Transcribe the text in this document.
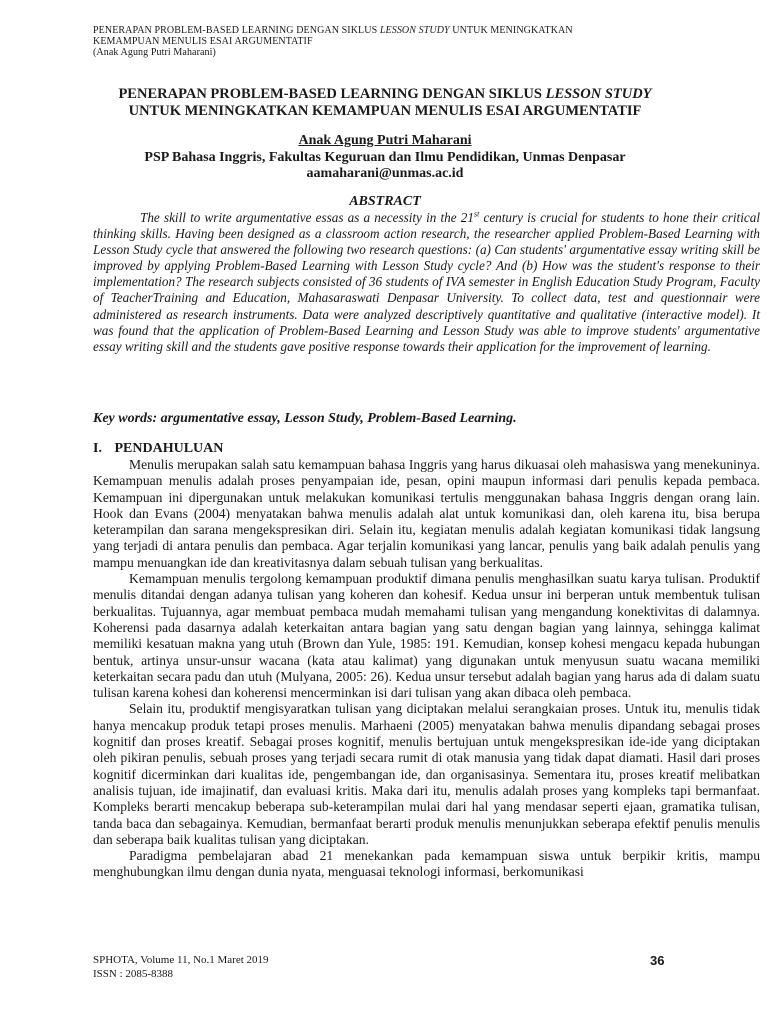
PENERAPAN PROBLEM-BASED LEARNING DENGAN SIKLUS LESSON STUDY UNTUK MENINGKATKAN
KEMAMPUAN MENULIS ESAI ARGUMENTATIF
(Anak Agung Putri Maharani)
PENERAPAN PROBLEM-BASED LEARNING DENGAN SIKLUS LESSON STUDY
UNTUK MENINGKATKAN KEMAMPUAN MENULIS ESAI ARGUMENTATIF
Anak Agung Putri Maharani
PSP Bahasa Inggris, Fakultas Keguruan dan Ilmu Pendidikan, Unmas Denpasar
aamaharani@unmas.ac.id
ABSTRACT
The skill to write argumentative essas as a necessity in the 21st century is crucial for students to hone their critical thinking skills. Having been designed as a classroom action research, the researcher applied Problem-Based Learning with Lesson Study cycle that answered the following two research questions: (a) Can students' argumentative essay writing skill be improved by applying Problem-Based Learning with Lesson Study cycle? And (b) How was the student's response to their implementation? The research subjects consisted of 36 students of IVA semester in English Education Study Program, Faculty of TeacherTraining and Education, Mahasaraswati Denpasar University. To collect data, test and questionnair were administered as research instruments. Data were analyzed descriptively quantitative and qualitative (interactive model). It was found that the application of Problem-Based Learning and Lesson Study was able to improve students' argumentative essay writing skill and the students gave positive response towards their application for the improvement of learning.
Key words: argumentative essay, Lesson Study, Problem-Based Learning.
I. PENDAHULUAN

Menulis merupakan salah satu kemampuan bahasa Inggris yang harus dikuasai oleh mahasiswa yang menekuninya. Kemampuan menulis adalah proses penyampaian ide, pesan, opini maupun informasi dari penulis kepada pembaca. Kemampuan ini dipergunakan untuk melakukan komunikasi tertulis menggunakan bahasa Inggris dengan orang lain. Hook dan Evans (2004) menyatakan bahwa menulis adalah alat untuk komunikasi dan, oleh karena itu, bisa berupa keterampilan dan sarana mengekspresikan diri. Selain itu, kegiatan menulis adalah kegiatan komunikasi tidak langsung yang terjadi di antara penulis dan pembaca. Agar terjalin komunikasi yang lancar, penulis yang baik adalah penulis yang mampu menuangkan ide dan kreativitasnya dalam sebuah tulisan yang berkualitas.

Kemampuan menulis tergolong kemampuan produktif dimana penulis menghasilkan suatu karya tulisan. Produktif menulis ditandai dengan adanya tulisan yang koheren dan kohesif. Kedua unsur ini berperan untuk membentuk tulisan berkualitas. Tujuannya, agar membuat pembaca mudah memahami tulisan yang mengandung konektivitas di dalamnya. Koherensi pada dasarnya adalah keterkaitan antara bagian yang satu dengan bagian yang lainnya, sehingga kalimat memiliki kesatuan makna yang utuh (Brown dan Yule, 1985: 191. Kemudian, konsep kohesi mengacu kepada hubungan bentuk, artinya unsur-unsur wacana (kata atau kalimat) yang digunakan untuk menyusun suatu wacana memiliki keterkaitan secara padu dan utuh (Mulyana, 2005: 26). Kedua unsur tersebut adalah bagian yang harus ada di dalam suatu tulisan karena kohesi dan koherensi mencerminkan isi dari tulisan yang akan dibaca oleh pembaca.

Selain itu, produktif mengisyaratkan tulisan yang diciptakan melalui serangkaian proses. Untuk itu, menulis tidak hanya mencakup produk tetapi proses menulis. Marhaeni (2005) menyatakan bahwa menulis dipandang sebagai proses kognitif dan proses kreatif. Sebagai proses kognitif, menulis bertujuan untuk mengekspresikan ide-ide yang diciptakan oleh pikiran penulis, sebuah proses yang terjadi secara rumit di otak manusia yang tidak dapat diamati. Hasil dari proses kognitif dicerminkan dari kualitas ide, pengembangan ide, dan organisasinya. Sementara itu, proses kreatif melibatkan analisis tujuan, ide imajinatif, dan evaluasi kritis. Maka dari itu, menulis adalah proses yang kompleks tapi bermanfaat. Kompleks berarti mencakup beberapa sub-keterampilan mulai dari hal yang mendasar seperti ejaan, gramatika tulisan, tanda baca dan sebagainya. Kemudian, bermanfaat berarti produk menulis menunjukkan seberapa efektif penulis menulis dan seberapa baik kualitas tulisan yang diciptakan.

Paradigma pembelajaran abad 21 menekankan pada kemampuan siswa untuk berpikir kritis, mampu menghubungkan ilmu dengan dunia nyata, menguasai teknologi informasi, berkomunikasi

SPHOTA, Volume 11, No.1 Maret 2019
ISSN : 2085-8388
36
